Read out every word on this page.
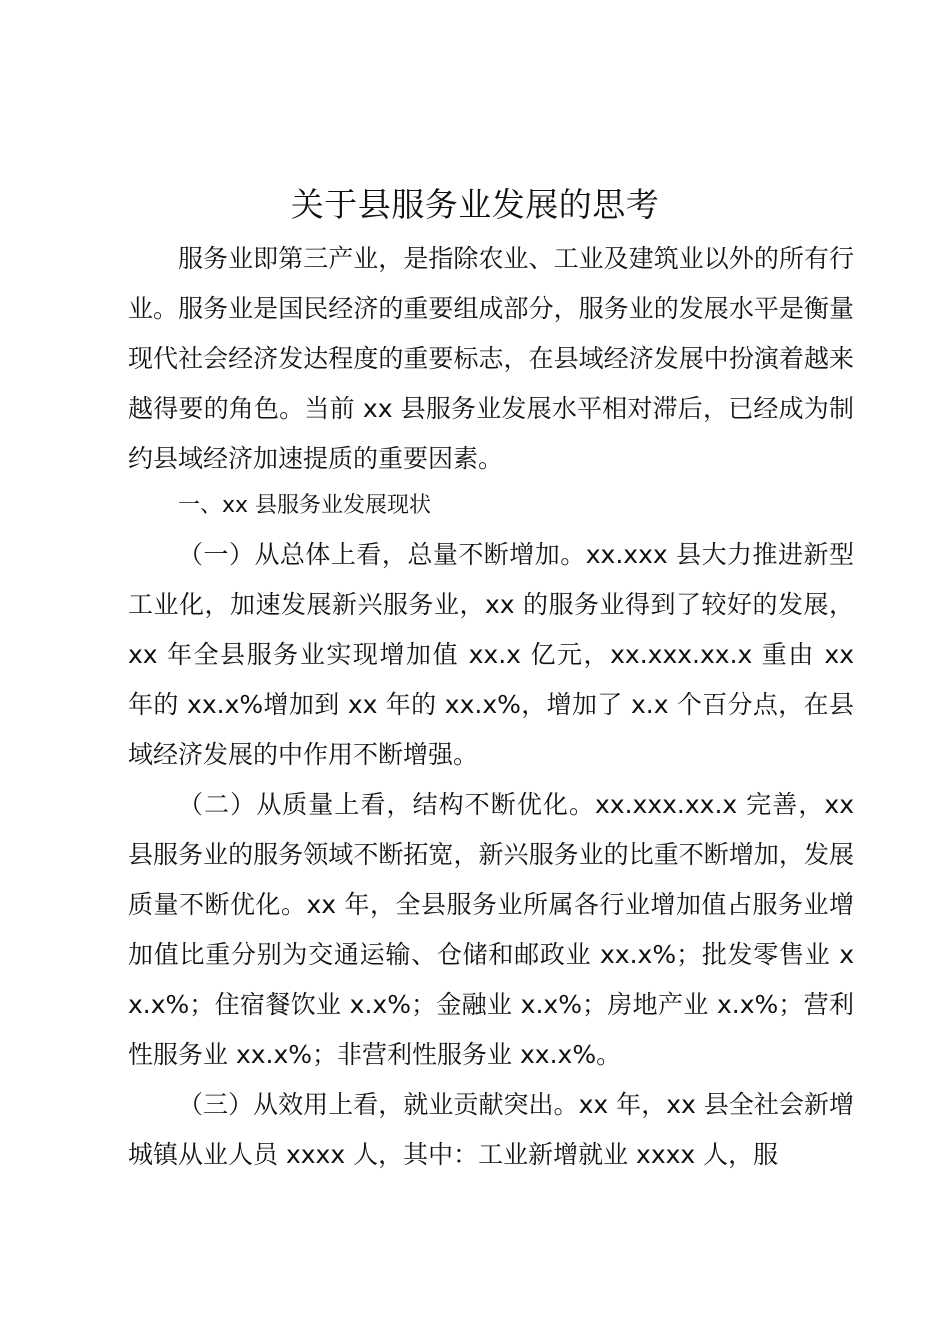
关于县服务业发展的思考
服务业即第三产业，是指除农业、工业及建筑业以外的所有行业。服务业是国民经济的重要组成部分，服务业的发展水平是衡量现代社会经济发达程度的重要标志，在县域经济发展中扮演着越来越得要的角色。当前 xx 县服务业发展水平相对滞后，已经成为制约县域经济加速提质的重要因素。
一、xx 县服务业发展现状
（一）从总体上看，总量不断增加。xx.xxx 县大力推进新型工业化，加速发展新兴服务业，xx 的服务业得到了较好的发展，xx 年全县服务业实现增加值 xx.x 亿元，xx.xxx.xx.x 重由 xx 年的 xx.x%增加到 xx 年的 xx.x%，增加了 x.x 个百分点，在县域经济发展的中作用不断增强。
（二）从质量上看，结构不断优化。xx.xxx.xx.x 完善，xx 县服务业的服务领域不断拓宽，新兴服务业的比重不断增加，发展质量不断优化。xx 年，全县服务业所属各行业增加值占服务业增加值比重分别为交通运输、仓储和邮政业 xx.x%；批发零售业 xx.x%；住宿餐饮业 x.x%；金融业 x.x%；房地产业 x.x%；营利性服务业 xx.x%；非营利性服务业 xx.x%。
（三）从效用上看，就业贡献突出。xx 年，xx 县全社会新增城镇从业人员 xxxx 人，其中：工业新增就业 xxxx 人，服
